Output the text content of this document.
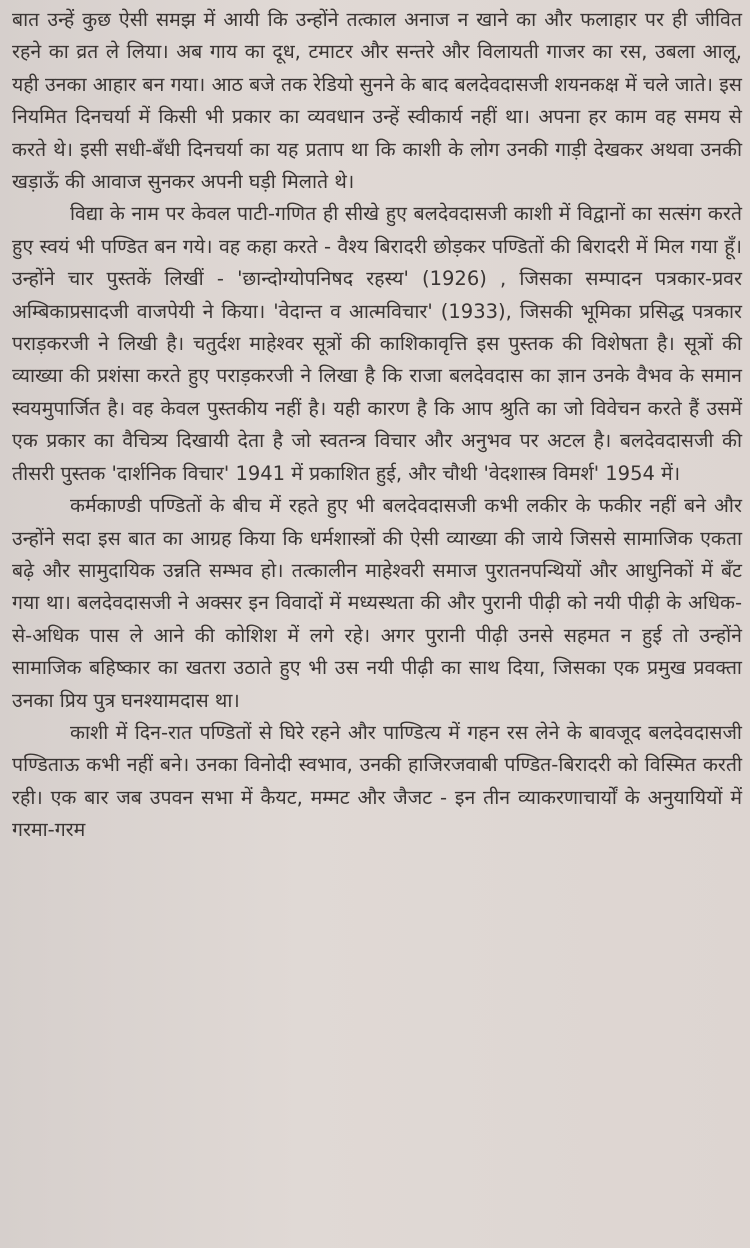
बात उन्हें कुछ ऐसी समझ में आयी कि उन्होंने तत्काल अनाज न खाने का और फलाहार पर ही जीवित रहने का व्रत ले लिया। अब गाय का दूध, टमाटर और सन्तरे और विलायती गाजर का रस, उबला आलू, यही उनका आहार बन गया। आठ बजे तक रेडियो सुनने के बाद बलदेवदासजी शयनकक्ष में चले जाते। इस नियमित दिनचर्या में किसी भी प्रकार का व्यवधान उन्हें स्वीकार्य नहीं था। अपना हर काम वह समय से करते थे। इसी सधी-बँधी दिनचर्या का यह प्रताप था कि काशी के लोग उनकी गाड़ी देखकर अथवा उनकी खड़ाऊँ की आवाज सुनकर अपनी घड़ी मिलाते थे।

विद्या के नाम पर केवल पाटी-गणित ही सीखे हुए बलदेवदासजी काशी में विद्वानों का सत्संग करते हुए स्वयं भी पण्डित बन गये। वह कहा करते - वैश्य बिरादरी छोड़कर पण्डितों की बिरादरी में मिल गया हूँ। उन्होंने चार पुस्तकें लिखीं - 'छान्दोग्योपनिषद रहस्य' (1926) , जिसका सम्पादन पत्रकार-प्रवर अम्बिकाप्रसादजी वाजपेयी ने किया। 'वेदान्त व आत्मविचार' (1933), जिसकी भूमिका प्रसिद्ध पत्रकार पराड़करजी ने लिखी है। चतुर्दश माहेश्वर सूत्रों की काशिकावृत्ति इस पुस्तक की विशेषता है। सूत्रों की व्याख्या की प्रशंसा करते हुए पराड़करजी ने लिखा है कि राजा बलदेवदास का ज्ञान उनके वैभव के समान स्वयमुपार्जित है। वह केवल पुस्तकीय नहीं है। यही कारण है कि आप श्रुति का जो विवेचन करते हैं उसमें एक प्रकार का वैचित्र्य दिखायी देता है जो स्वतन्त्र विचार और अनुभव पर अटल है। बलदेवदासजी की तीसरी पुस्तक 'दार्शनिक विचार' 1941 में प्रकाशित हुई, और चौथी 'वेदशास्त्र विमर्श' 1954 में।

कर्मकाण्डी पण्डितों के बीच में रहते हुए भी बलदेवदासजी कभी लकीर के फकीर नहीं बने और उन्होंने सदा इस बात का आग्रह किया कि धर्मशास्त्रों की ऐसी व्याख्या की जाये जिससे सामाजिक एकता बढ़े और सामुदायिक उन्नति सम्भव हो। तत्कालीन माहेश्वरी समाज पुरातनपन्थियों और आधुनिकों में बँट गया था। बलदेवदासजी ने अक्सर इन विवादों में मध्यस्थता की और पुरानी पीढ़ी को नयी पीढ़ी के अधिक-से-अधिक पास ले आने की कोशिश में लगे रहे। अगर पुरानी पीढ़ी उनसे सहमत न हुई तो उन्होंने सामाजिक बहिष्कार का खतरा उठाते हुए भी उस नयी पीढ़ी का साथ दिया, जिसका एक प्रमुख प्रवक्ता उनका प्रिय पुत्र घनश्यामदास था।

काशी में दिन-रात पण्डितों से घिरे रहने और पाण्डित्य में गहन रस लेने के बावजूद बलदेवदासजी पण्डिताऊ कभी नहीं बने। उनका विनोदी स्वभाव, उनकी हाजिरजवाबी पण्डित-बिरादरी को विस्मित करती रही। एक बार जब उपवन सभा में कैयट, मम्मट और जैजट - इन तीन व्याकरणाचार्यों के अनुयायियों में गरमा-गरम
